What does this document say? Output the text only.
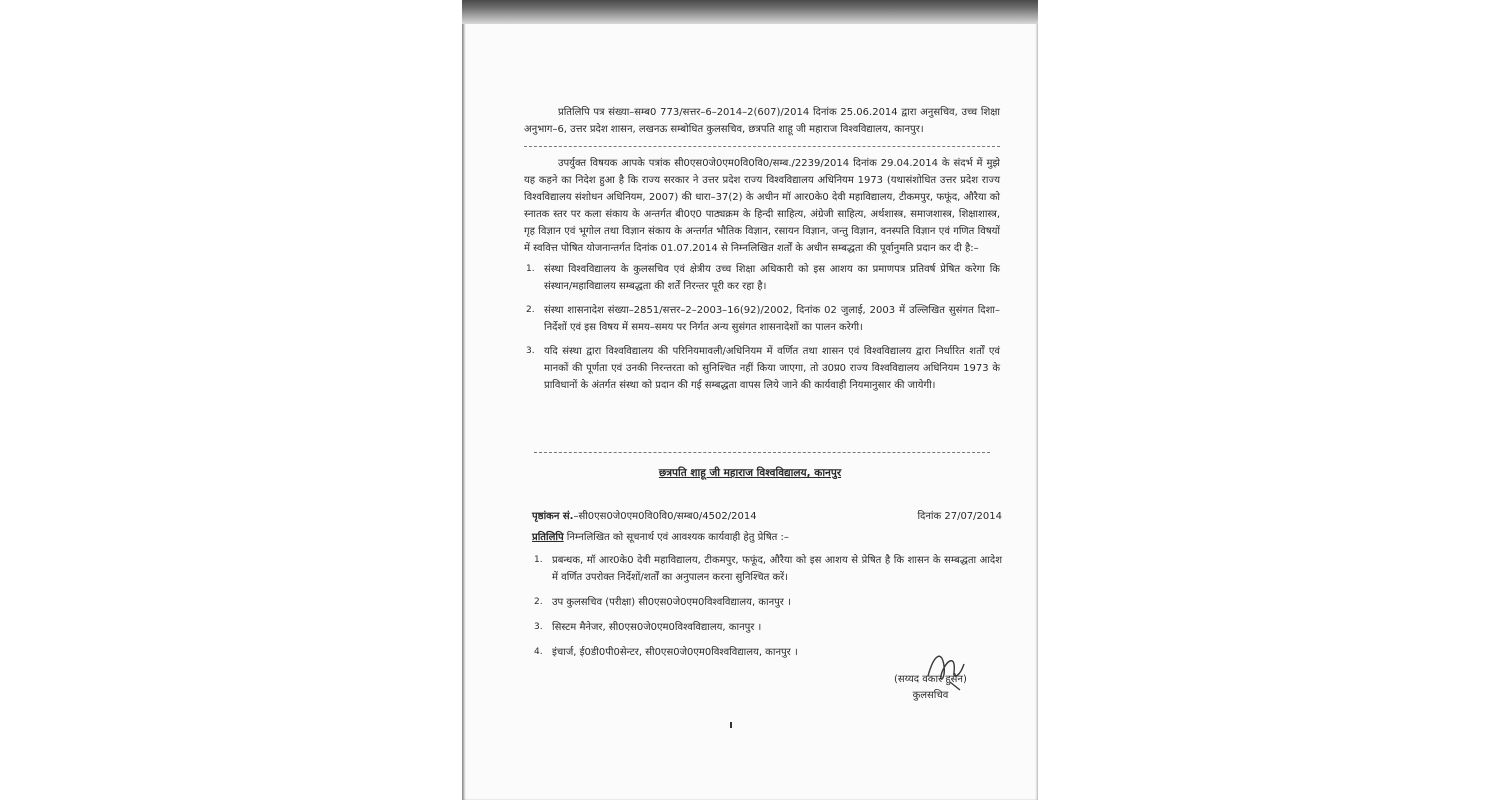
प्रतिलिपि पत्र संख्या–सम्ब0 773/सत्तर–6–2014–2(607)/2014 दिनांक 25.06.2014 द्वारा अनुसचिव, उच्च शिक्षा अनुभाग–6, उत्तर प्रदेश शासन, लखनऊ सम्बोधित कुलसचिव, छत्रपति शाहू जी महाराज विश्वविद्यालय, कानपुर।

उपर्युक्त विषयक आपके पत्रांक सी0एस0जे0एम0वि0वि0/सम्ब./2239/2014 दिनांक 29.04.2014 के संदर्भ में मुझे यह कहने का निदेश हुआ है कि राज्य सरकार ने उत्तर प्रदेश राज्य विश्वविद्यालय अधिनियम 1973 (यथासंशोधित उत्तर प्रदेश राज्य विश्वविद्यालय संशोधन अधिनियम, 2007) की धारा–37(2) के अधीन मॉ आर0के0 देवी महाविद्यालय, टीकमपुर, फफूंद, औरैया को स्नातक स्तर पर कला संकाय के अन्तर्गत बी0ए0 पाठ्यक्रम के हिन्दी साहित्य, अंग्रेजी साहित्य, अर्थशास्त्र, समाजशास्त्र, शिक्षाशास्त्र, गृह विज्ञान एवं भूगोल तथा विज्ञान संकाय के अन्तर्गत भौतिक विज्ञान, रसायन विज्ञान, जन्तु विज्ञान, वनस्पति विज्ञान एवं गणित विषयों में स्ववित्त पोषित योजनान्तर्गत दिनांक 01.07.2014 से निम्नलिखित शर्तों के अधीन सम्बद्धता की पूर्वानुमति प्रदान कर दी है:–

1. संस्था विश्वविद्यालय के कुलसचिव एवं क्षेत्रीय उच्च शिक्षा अधिकारी को इस आशय का प्रमाणपत्र प्रतिवर्ष प्रेषित करेगा कि संस्थान/महाविद्यालय सम्बद्धता की शर्तें निरन्तर पूरी कर रहा है।
2. संस्था शासनादेश संख्या–2851/सत्तर–2–2003–16(92)/2002, दिनांक 02 जुलाई, 2003 में उल्लिखित सुसंगत दिशा–निर्देशों एवं इस विषय में समय–समय पर निर्गत अन्य सुसंगत शासनादेशों का पालन करेगी।
3. यदि संस्था द्वारा विश्वविद्यालय की परिनियमावली/अधिनियम में वर्णित तथा शासन एवं विश्वविद्यालय द्वारा निर्धारित शर्तों एवं मानकों की पूर्णता एवं उनकी निरन्तरता को सुनिश्चित नहीं किया जाएगा, तो उ0प्र0 राज्य विश्वविद्यालय अधिनियम 1973 के प्राविधानों के अंतर्गत संस्था को प्रदान की गई सम्बद्धता वापस लिये जाने की कार्यवाही नियमानुसार की जायेगी।
छत्रपति शाहू जी महाराज विश्वविद्यालय, कानपुर
पृष्ठांकन सं.–सी0एस0जे0एम0वि0वि0/सम्ब0/4502/2014	दिनांक 27/07/2014
प्रतिलिपि निम्नलिखित को सूचनार्थ एवं आवश्यक कार्यवाही हेतु प्रेषित :–
1. प्रबन्धक, मॉ आर0के0 देवी महाविद्यालय, टीकमपुर, फफूंद, औरैया को इस आशय से प्रेषित है कि शासन के सम्बद्धता आदेश में वर्णित उपरोक्त निर्देशों/शर्तों का अनुपालन करना सुनिश्चित करें।
2. उप कुलसचिव (परीक्षा) सी0एस0जे0एम0विश्वविद्यालय, कानपुर ।
3. सिस्टम मैनेजर, सी0एस0जे0एम0विश्वविद्यालय, कानपुर ।
4. इंचार्ज, ई0डी0पी0सेन्टर, सी0एस0जे0एम0विश्वविद्यालय, कानपुर ।
(सय्यद वकार हुसैन)
कुलसचिव
